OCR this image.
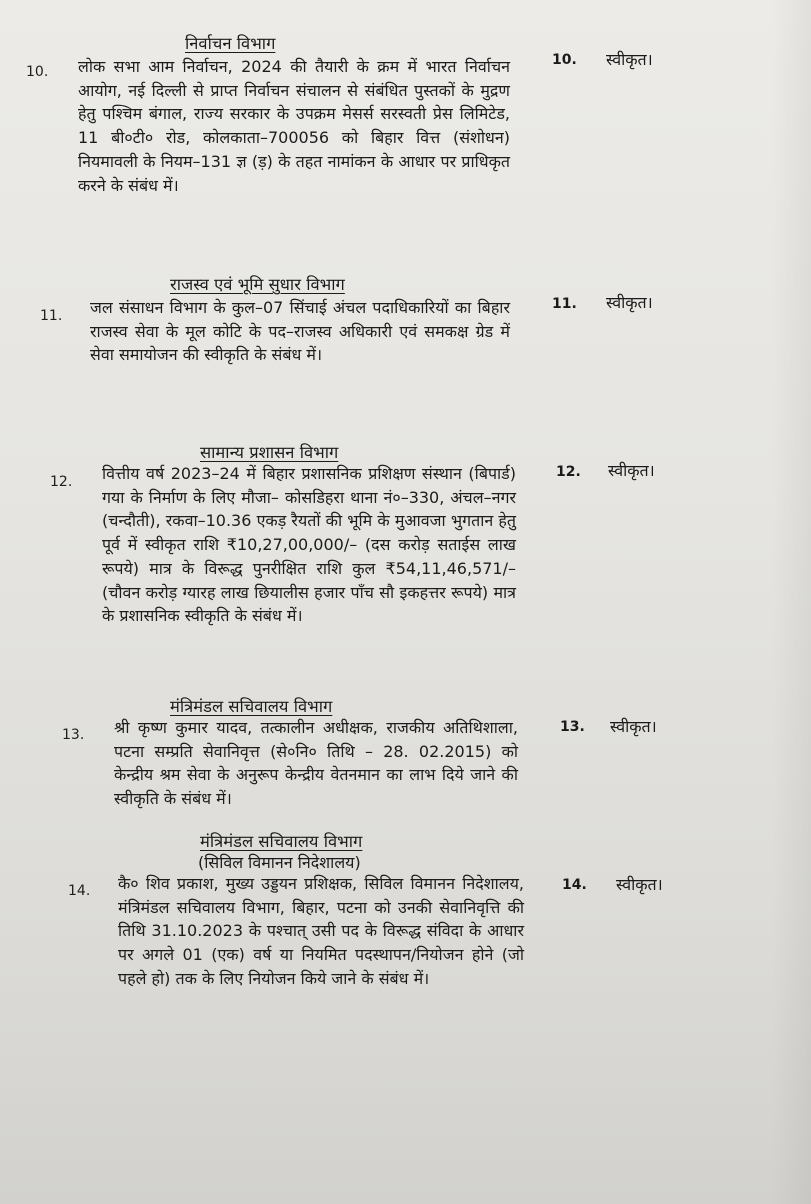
निर्वाचन विभाग
10. लोक सभा आम निर्वाचन, 2024 की तैयारी के क्रम में भारत निर्वाचन आयोग, नई दिल्ली से प्राप्त निर्वाचन संचालन से संबंधित पुस्तकों के मुद्रण हेतु पश्चिम बंगाल, राज्य सरकार के उपक्रम मेसर्स सरस्वती प्रेस लिमिटेड, 11 बी०टी० रोड, कोलकाता–700056 को बिहार वित्त (संशोधन) नियमावली के नियम–131 ज्ञ (ड़) के तहत नामांकन के आधार पर प्राधिकृत करने के संबंध में।

10. स्वीकृत।
राजस्व एवं भूमि सुधार विभाग
11. जल संसाधन विभाग के कुल–07 सिंचाई अंचल पदाधिकारियों का बिहार राजस्व सेवा के मूल कोटि के पद–राजस्व अधिकारी एवं समकक्ष ग्रेड में सेवा समायोजन की स्वीकृति के संबंध में।

11. स्वीकृत।
सामान्य प्रशासन विभाग
12. वित्तीय वर्ष 2023–24 में बिहार प्रशासनिक प्रशिक्षण संस्थान (बिपार्ड) गया के निर्माण के लिए मौजा– कोसडिहरा थाना नं०–330, अंचल–नगर (चन्दौती), रकवा–10.36 एकड़ रैयतों की भूमि के मुआवजा भुगतान हेतु पूर्व में स्वीकृत राशि ₹10,27,00,000/– (दस करोड़ सताईस लाख रूपये) मात्र के विरूद्ध पुनरीक्षित राशि कुल ₹54,11,46,571/–(चौवन करोड़ ग्यारह लाख छियालीस हजार पाँच सौ इकहत्तर रूपये) मात्र के प्रशासनिक स्वीकृति के संबंध में।

12. स्वीकृत।
मंत्रिमंडल सचिवालय विभाग
13. श्री कृष्ण कुमार यादव, तत्कालीन अधीक्षक, राजकीय अतिथिशाला, पटना सम्प्रति सेवानिवृत्त (से०नि० तिथि – 28. 02.2015) को केन्द्रीय श्रम सेवा के अनुरूप केन्द्रीय वेतनमान का लाभ दिये जाने की स्वीकृति के संबंध में।

13. स्वीकृत।
मंत्रिमंडल सचिवालय विभाग

(सिविल विमानन निदेशालय)

14. कै० शिव प्रकाश, मुख्य उड्डयन प्रशिक्षक, सिविल विमानन निदेशालय, मंत्रिमंडल सचिवालय विभाग, बिहार, पटना को उनकी सेवानिवृत्ति की तिथि 31.10.2023 के पश्चात् उसी पद के विरूद्ध संविदा के आधार पर अगले 01 (एक) वर्ष या नियमित पदस्थापन/नियोजन होने (जो पहले हो) तक के लिए नियोजन किये जाने के संबंध में।

14. स्वीकृत।
